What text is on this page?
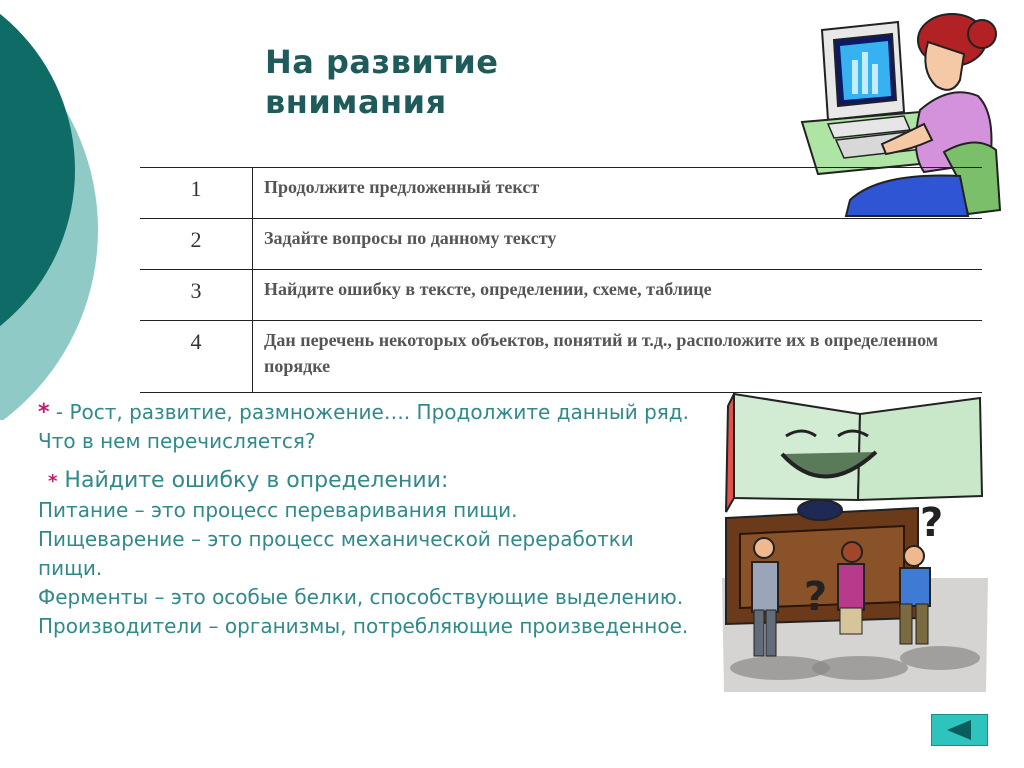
На развитие
внимания
1	Продолжите предложенный текст
2	Задайте вопросы по данному тексту
3	Найдите ошибку в тексте, определении, схеме, таблице
4	Дан перечень некоторых объектов, понятий и т.д., расположите их в определенном порядке

* - Рост, развитие, размножение…. Продолжите данный ряд. Что в нем перечисляется?

* Найдите ошибку в определении:

Питание – это процесс переваривания пищи.

Пищеварение – это процесс механической переработки пищи.

Ферменты – это особые белки, способствующие выделению.

Производители – организмы, потребляющие произведенное.

?
?
